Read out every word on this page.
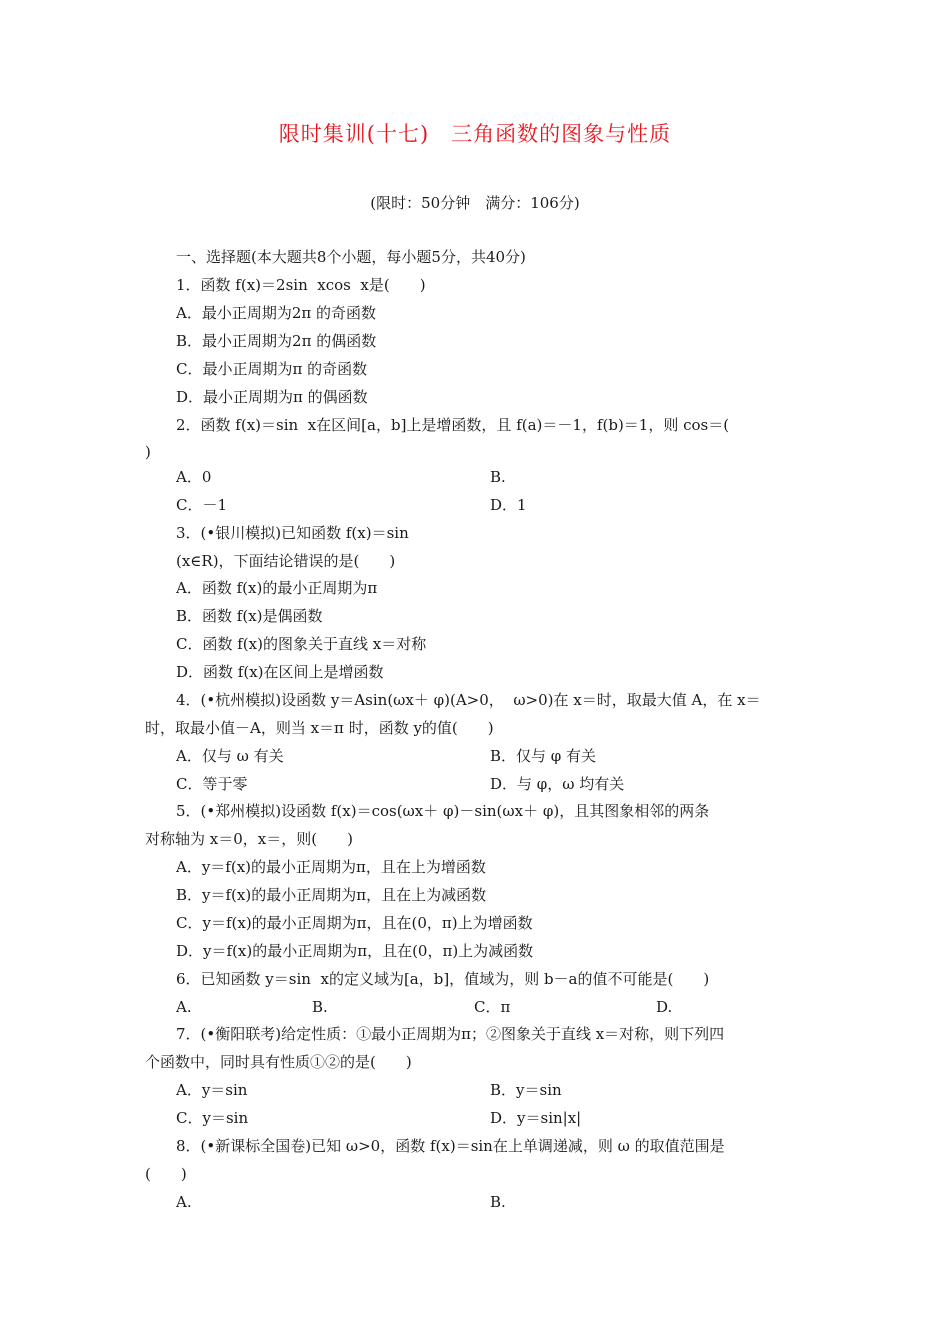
限时集训(十七)　三角函数的图象与性质
(限时：50分钟　满分：106分)
一、选择题(本大题共8个小题，每小题5分，共40分)
1．函数 f(x)＝2sin  xcos  x是(　　)
A．最小正周期为2π 的奇函数
B．最小正周期为2π 的偶函数
C．最小正周期为π 的奇函数
D．最小正周期为π 的偶函数
2．函数 f(x)＝sin  x在区间[a，b]上是增函数，且 f(a)＝－1，f(b)＝1，则 cos＝(
)
A．0	B.
C．－1	D．1
3．(•银川模拟)已知函数 f(x)＝sin
(x∈R)，下面结论错误的是(　　)
A．函数 f(x)的最小正周期为π
B．函数 f(x)是偶函数
C．函数 f(x)的图象关于直线 x＝对称
D．函数 f(x)在区间上是增函数
4．(•杭州模拟)设函数 y＝Asin(ωx＋ φ)(A>0，  ω>0)在 x＝时，取最大值 A，在 x＝
时，取最小值－A，则当 x＝π 时，函数 y的值(　　)
A．仅与 ω 有关	B．仅与 φ 有关
C．等于零	D．与 φ，ω 均有关
5．(•郑州模拟)设函数 f(x)＝cos(ωx＋ φ)－sin(ωx＋ φ)，且其图象相邻的两条
对称轴为 x＝0，x＝，则(　　)
A．y＝f(x)的最小正周期为π，且在上为增函数
B．y＝f(x)的最小正周期为π，且在上为减函数
C．y＝f(x)的最小正周期为π，且在(0，π)上为增函数
D．y＝f(x)的最小正周期为π，且在(0，π)上为减函数
6．已知函数 y＝sin  x的定义域为[a，b]，值域为，则 b－a的值不可能是(　　)
A.	B.	C．π	D.
7．(•衡阳联考)给定性质：①最小正周期为π；②图象关于直线 x＝对称，则下列四
个函数中，同时具有性质①②的是(　　)
A．y＝sin	B．y＝sin
C．y＝sin	D．y＝sin|x|
8．(•新课标全国卷)已知 ω>0，函数 f(x)＝sin在上单调递减，则 ω 的取值范围是
(　　)
A.	B.
